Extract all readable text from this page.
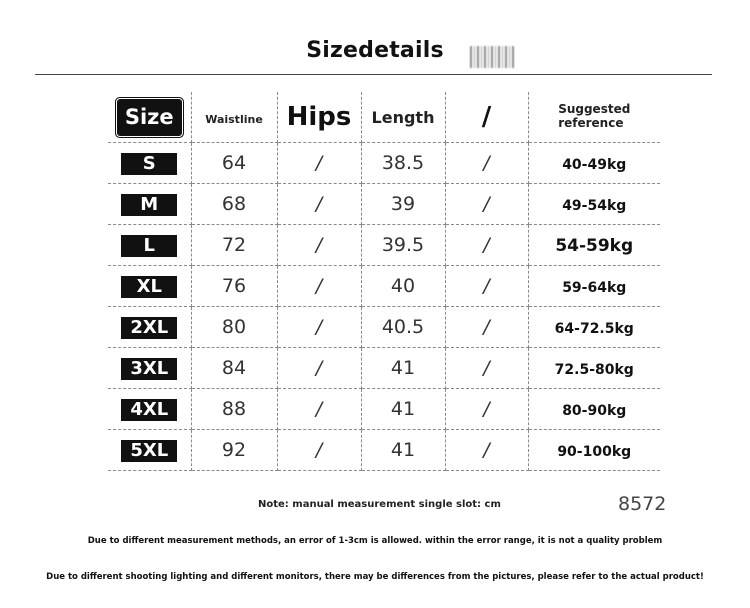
Sizedetails
Size	Waistline	Hips	Length	/	Suggested
reference
S	64	/	38.5	/	40-49kg
M	68	/	39	/	49-54kg
L	72	/	39.5	/	54-59kg
XL	76	/	40	/	59-64kg
2XL	80	/	40.5	/	64-72.5kg
3XL	84	/	41	/	72.5-80kg
4XL	88	/	41	/	80-90kg
5XL	92	/	41	/	90-100kg
Note: manual measurement single slot: cm	8572
Due to different measurement methods, an error of 1-3cm is allowed. within the error range, it is not a quality problem
Due to different shooting lighting and different monitors, there may be differences from the pictures, please refer to the actual product!
